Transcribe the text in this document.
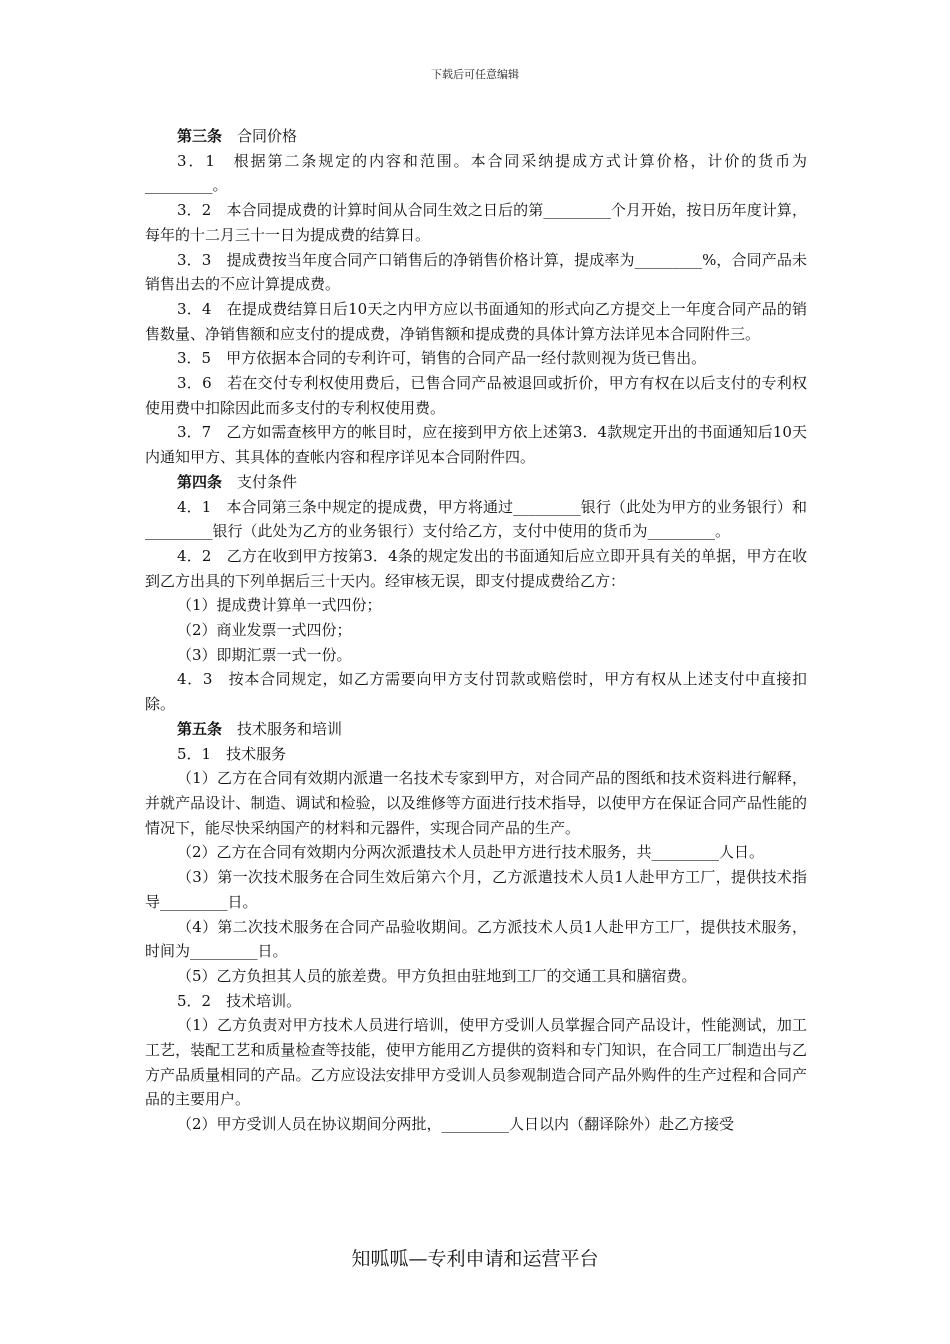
下载后可任意编辑
第三条　 合同价格

3．1　根据第二条规定的内容和范围。本合同采纳提成方式计算价格，计价的货币为_________。

3．2　本合同提成费的计算时间从合同生效之日后的第_________个月开始，按日历年度计算，每年的十二月三十一日为提成费的结算日。

3．3　提成费按当年度合同产口销售后的净销售价格计算，提成率为_________%，合同产品未销售出去的不应计算提成费。

3．4　在提成费结算日后10天之内甲方应以书面通知的形式向乙方提交上一年度合同产品的销售数量、净销售额和应支付的提成费，净销售额和提成费的具体计算方法详见本合同附件三。

3．5　甲方依据本合同的专利许可，销售的合同产品一经付款则视为货已售出。

3．6　若在交付专利权使用费后，已售合同产品被退回或折价，甲方有权在以后支付的专利权使用费中扣除因此而多支付的专利权使用费。

3．7　乙方如需查核甲方的帐目时，应在接到甲方依上述第3．4款规定开出的书面通知后10天内通知甲方、其具体的查帐内容和程序详见本合同附件四。

第四条　 支付条件

4．1　本合同第三条中规定的提成费，甲方将通过_________银行（此处为甲方的业务银行）和_________银行（此处为乙方的业务银行）支付给乙方，支付中使用的货币为_________。

4．2　乙方在收到甲方按第3．4条的规定发出的书面通知后应立即开具有关的单据，甲方在收到乙方出具的下列单据后三十天内。经审核无误，即支付提成费给乙方：

（1）提成费计算单一式四份；

（2）商业发票一式四份；

（3）即期汇票一式一份。

4．3　按本合同规定，如乙方需要向甲方支付罚款或赔偿时，甲方有权从上述支付中直接扣除。

第五条　 技术服务和培训

5．1　技术服务

（1）乙方在合同有效期内派遣一名技术专家到甲方，对合同产品的图纸和技术资料进行解释，并就产品设计、制造、调试和检验，以及维修等方面进行技术指导，以使甲方在保证合同产品性能的情况下，能尽快采纳国产的材料和元器件，实现合同产品的生产。

（2）乙方在合同有效期内分两次派遣技术人员赴甲方进行技术服务，共_________人日。

（3）第一次技术服务在合同生效后第六个月，乙方派遣技术人员1人赴甲方工厂，提供技术指导_________日。

（4）第二次技术服务在合同产品验收期间。乙方派技术人员1人赴甲方工厂，提供技术服务，时间为_________日。

（5）乙方负担其人员的旅差费。甲方负担由驻地到工厂的交通工具和膳宿费。

5．2　技术培训。

（1）乙方负责对甲方技术人员进行培训，使甲方受训人员掌握合同产品设计，性能测试，加工工艺，装配工艺和质量检查等技能，使甲方能用乙方提供的资料和专门知识，在合同工厂制造出与乙方产品质量相同的产品。乙方应设法安排甲方受训人员参观制造合同产品外购件的生产过程和合同产品的主要用户。

（2）甲方受训人员在协议期间分两批，_________人日以内（翻译除外）赴乙方接受

知呱呱—专利申请和运营平台
